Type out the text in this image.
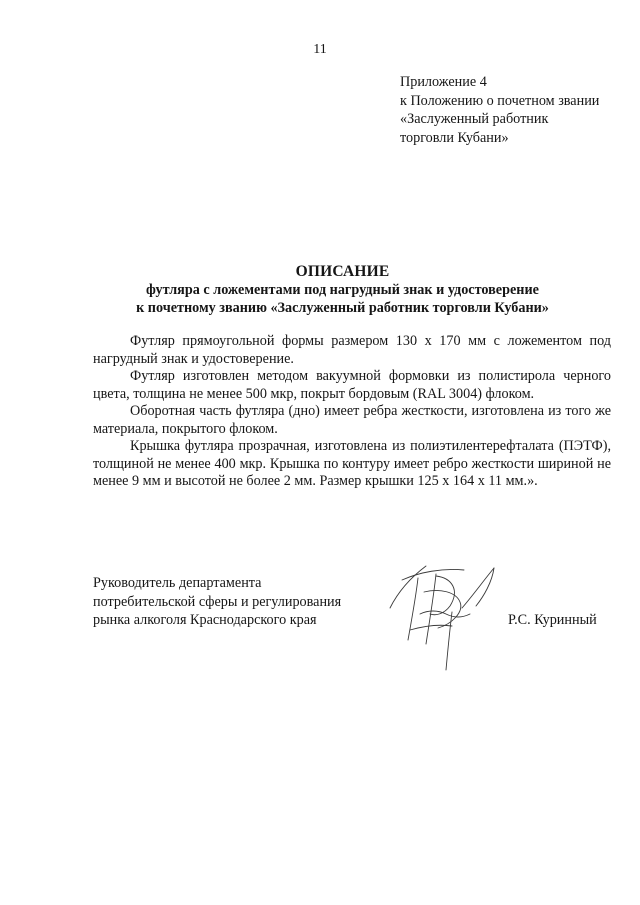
11
Приложение 4
к Положению о почетном звании
«Заслуженный работник
торговли Кубани»
ОПИСАНИЕ
футляра с ложементами под нагрудный знак и удостоверение
к почетному званию «Заслуженный работник торговли Кубани»

Футляр прямоугольной формы размером 130 х 170 мм с ложементом под нагрудный знак и удостоверение.

Футляр изготовлен методом вакуумной формовки из полистирола черного цвета, толщина не менее 500 мкр, покрыт бордовым (RAL 3004) флоком.

Оборотная часть футляра (дно) имеет ребра жесткости, изготовлена из того же материала, покрытого флоком.

Крышка футляра прозрачная, изготовлена из полиэтилентерефталата (ПЭТФ), толщиной не менее 400 мкр. Крышка по контуру имеет ребро жесткости шириной не менее 9 мм и высотой не более 2 мм. Размер крышки 125 х 164 х 11 мм.».

Руководитель департамента
потребительской сферы и регулирования
рынка алкоголя Краснодарского края	Р.С. Куринный
